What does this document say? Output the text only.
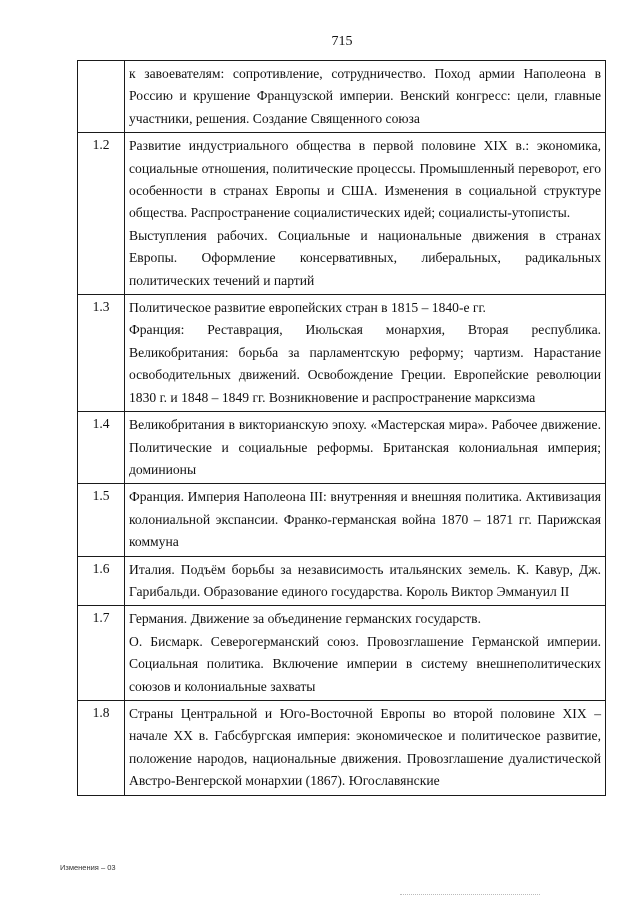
715

	к завоевателям: сопротивление, сотрудничество. Поход армии Наполеона в Россию и крушение Французской империи. Венский конгресс: цели, главные участники, решения. Создание Священного союза

1.2	Развитие индустриального общества в первой половине XIX в.: экономика, социальные отношения, политические процессы. Промышленный переворот, его особенности в странах Европы и США. Изменения в социальной структуре общества. Распространение социалистических идей; социалисты-утописты.

Выступления рабочих. Социальные и национальные движения в странах Европы. Оформление консервативных, либеральных, радикальных политических течений и партий

1.3	Политическое развитие европейских стран в 1815 – 1840-е гг.

Франция: Реставрация, Июльская монархия, Вторая республика. Великобритания: борьба за парламентскую реформу; чартизм. Нарастание освободительных движений. Освобождение Греции. Европейские революции 1830 г. и 1848 – 1849 гг. Возникновение и распространение марксизма

1.4	Великобритания в викторианскую эпоху. «Мастерская мира». Рабочее движение. Политические и социальные реформы. Британская колониальная империя; доминионы

1.5	Франция. Империя Наполеона III: внутренняя и внешняя политика. Активизация колониальной экспансии. Франко-германская война 1870 – 1871 гг. Парижская коммуна

1.6	Италия. Подъём борьбы за независимость итальянских земель. К. Кавур, Дж. Гарибальди. Образование единого государства. Король Виктор Эммануил II

1.7	Германия. Движение за объединение германских государств.

О. Бисмарк. Северогерманский союз. Провозглашение Германской империи. Социальная политика. Включение империи в систему внешнеполитических союзов и колониальные захваты

1.8	Страны Центральной и Юго-Восточной Европы во второй половине XIX – начале XX в. Габсбургская империя: экономическое и политическое развитие, положение народов, национальные движения. Провозглашение дуалистической Австро-Венгерской монархии (1867). Югославянские

Изменения – 03
